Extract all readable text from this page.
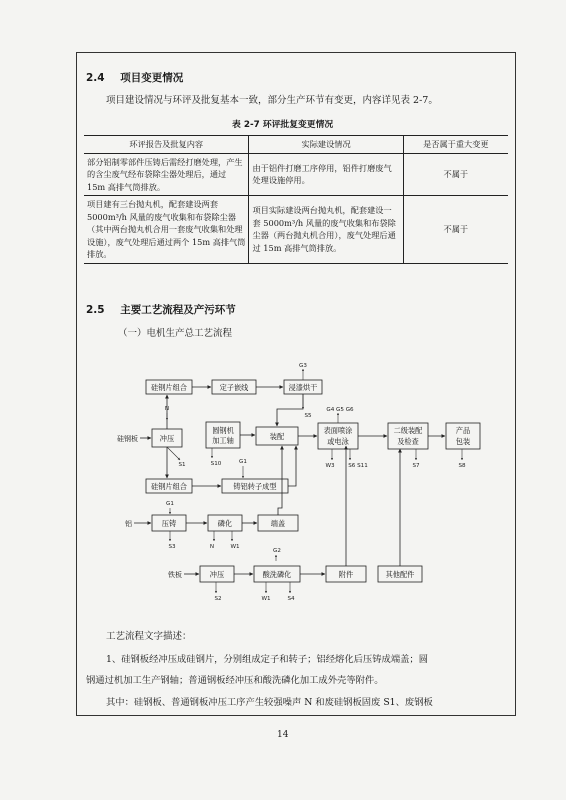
2.4 项目变更情况
项目建设情况与环评及批复基本一致，部分生产环节有变更，内容详见表 2-7。
表 2-7 环评批复变更情况
环评报告及批复内容	实际建设情况	是否属于重大变更
部分铝制零部件压铸后需经打磨处理，产生的含尘废气经布袋除尘器处理后，通过 15m 高排气筒排放。	由于铝件打磨工序停用，铝件打磨废气处理设施停用。	不属于
项目建有三台抛丸机，配套建设两套 5000m³/h 风量的废气收集和布袋除尘器（其中两台抛丸机合用一套废气收集和处理设施），废气处理后通过两个 15m 高排气筒排放。	项目实际建设两台抛丸机，配套建设一套 5000m³/h 风量的废气收集和布袋除尘器（两台抛丸机合用），废气处理后通过 15m 高排气筒排放。	不属于
2.5 主要工艺流程及产污环节
（一）电机生产总工艺流程
硅钢片组合	定子嵌线	浸漆烘干
冲压
圆钢机
加工轴	装配
表面喷涂
或电泳
二级装配
及检查
产品
包装
硅钢片组合	铸铝转子成型
压铸	磷化	端盖
冲压	酸洗磷化	附件	其他配件
硅钢板
铝
铁板
G3
S5
G4 G5 G6
N
S1	S10	G1
W3 S6 S11	S7	S8
G1
S3	N	W1
G2
S2	W1	S4
工艺流程文字描述：
1、硅钢板经冲压成硅钢片，分别组成定子和转子；铝经熔化后压铸成端盖；圆
钢通过机加工生产钢轴；普通钢板经冲压和酸洗磷化加工成外壳等附件。
其中：硅钢板、普通钢板冲压工序产生较强噪声 N 和废硅钢板固废 S1、废钢板
14
